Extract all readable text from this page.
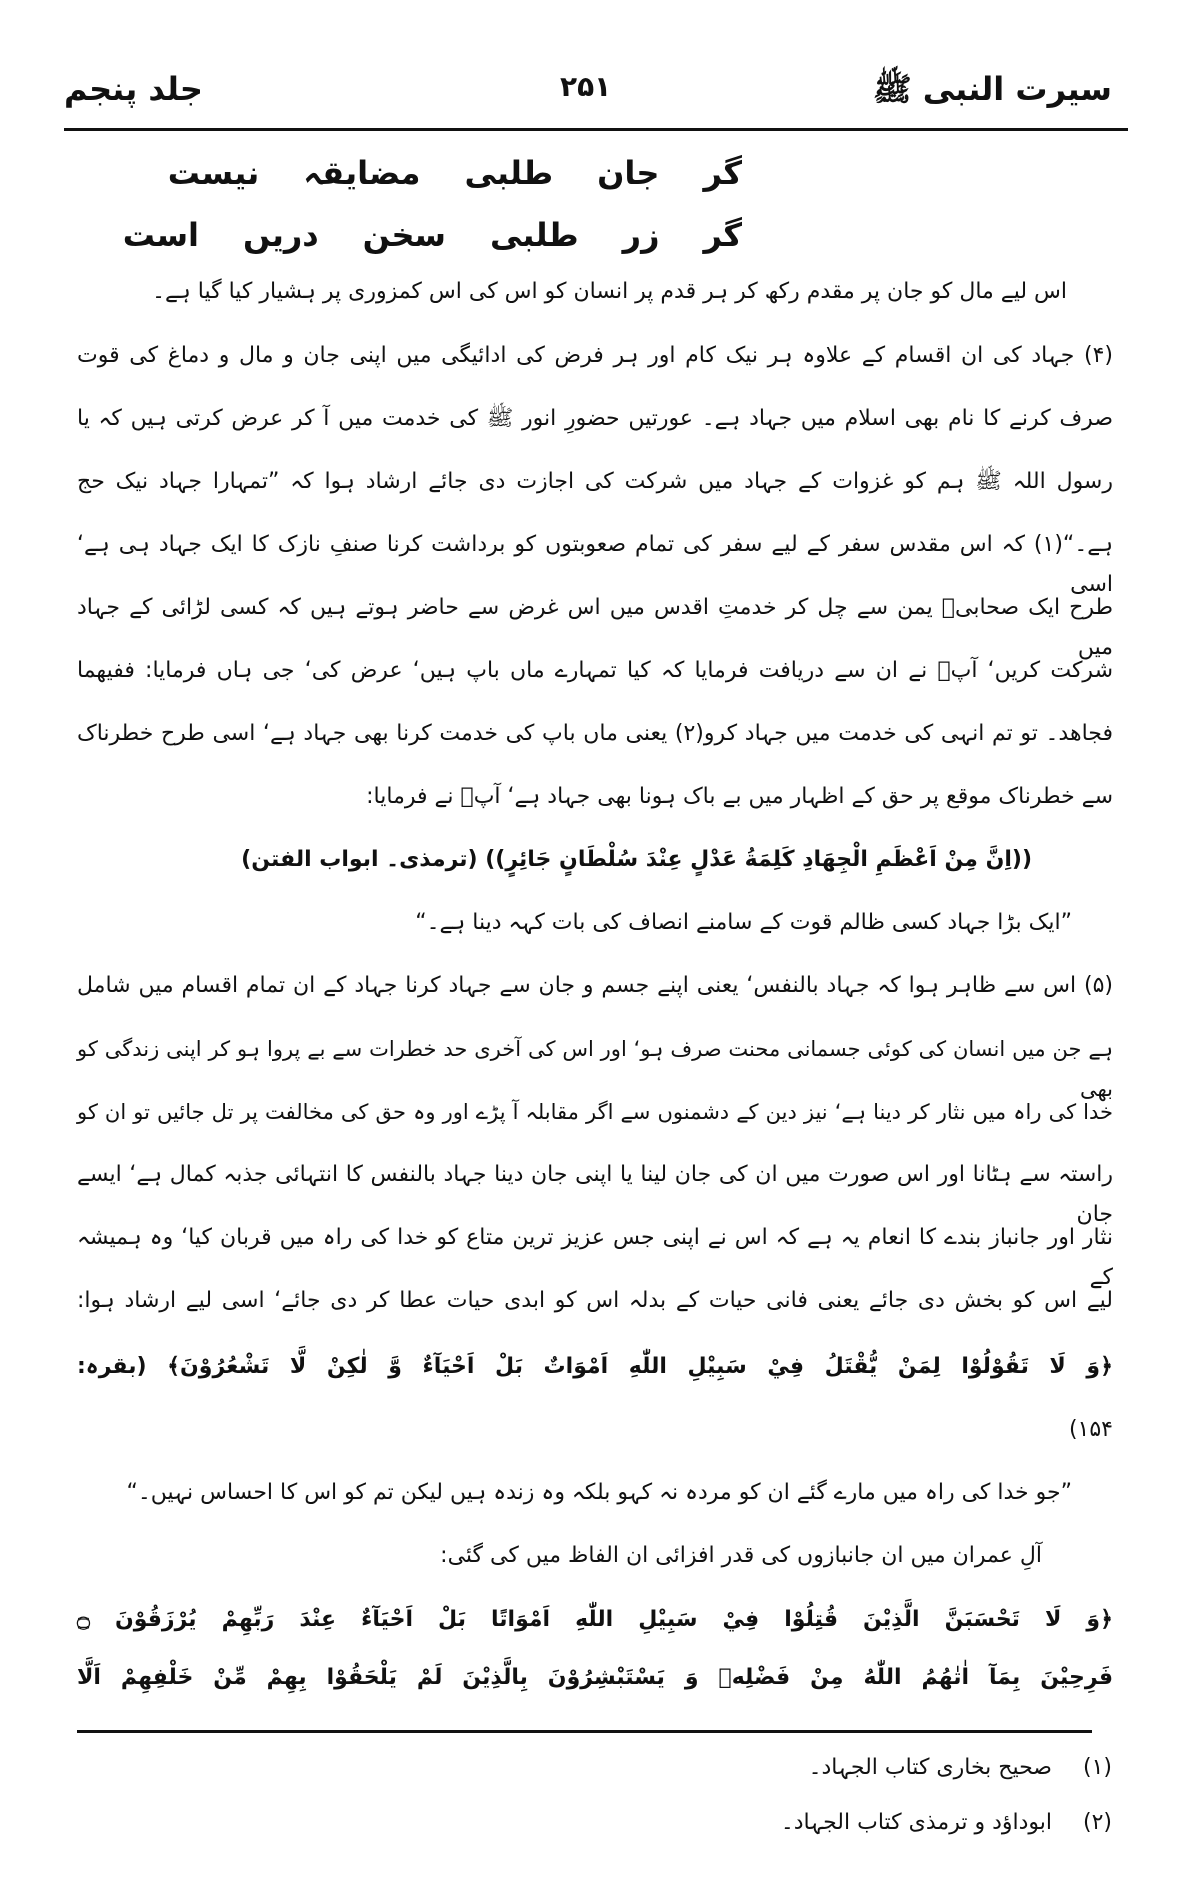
سیرت النبی ﷺ
۲۵۱
جلد پنجم
گرجانطلبیمضایقہنیست
گرزرطلبیسخندریںاست
اس لیے مال کو جان پر مقدم رکھ کر ہر قدم پر انسان کو اس کی اس کمزوری پر ہشیار کیا گیا ہے۔
(۴) جہاد کی ان اقسام کے علاوہ ہر نیک کام اور ہر فرض کی ادائیگی میں اپنی جان و مال و دماغ کی قوت
صرف کرنے کا نام بھی اسلام میں جہاد ہے۔ عورتیں حضورِ انور ﷺ کی خدمت میں آ کر عرض کرتی ہیں کہ یا
رسول اللہ ﷺ ہم کو غزوات کے جہاد میں شرکت کی اجازت دی جائے ارشاد ہوا کہ ”تمہارا جہاد نیک حج
ہے۔“(۱) کہ اس مقدس سفر کے لیے سفر کی تمام صعوبتوں کو برداشت کرنا صنفِ نازک کا ایک جہاد ہی ہے‘ اسی
طرح ایک صحابیؓ یمن سے چل کر خدمتِ اقدس میں اس غرض سے حاضر ہوتے ہیں کہ کسی لڑائی کے جہاد میں
شرکت کریں‘ آپؐ نے ان سے دریافت فرمایا کہ کیا تمہارے ماں باپ ہیں‘ عرض کی‘ جی ہاں فرمایا: ففیھما
فجاھد۔ تو تم انہی کی خدمت میں جہاد کرو(۲) یعنی ماں باپ کی خدمت کرنا بھی جہاد ہے‘ اسی طرح خطرناک
سے خطرناک موقع پر حق کے اظہار میں بے باک ہونا بھی جہاد ہے‘ آپؐ نے فرمایا:
((اِنَّ مِنْ اَعْظَمِ الْجِهَادِ كَلِمَةُ عَدْلٍ عِنْدَ سُلْطَانٍ جَائِرٍ)) (ترمذی۔ ابواب الفتن)
”ایک بڑا جہاد کسی ظالم قوت کے سامنے انصاف کی بات کہہ دینا ہے۔“
(۵) اس سے ظاہر ہوا کہ جہاد بالنفس‘ یعنی اپنے جسم و جان سے جہاد کرنا جہاد کے ان تمام اقسام میں شامل
ہے جن میں انسان کی کوئی جسمانی محنت صرف ہو‘ اور اس کی آخری حد خطرات سے بے پروا ہو کر اپنی زندگی کو بھی
خدا کی راہ میں نثار کر دینا ہے‘ نیز دین کے دشمنوں سے اگر مقابلہ آ پڑے اور وہ حق کی مخالفت پر تل جائیں تو ان کو
راستہ سے ہٹانا اور اس صورت میں ان کی جان لینا یا اپنی جان دینا جہاد بالنفس کا انتہائی جذبہ کمال ہے‘ ایسے جان
نثار اور جانباز بندے کا انعام یہ ہے کہ اس نے اپنی جس عزیز ترین متاع کو خدا کی راہ میں قربان کیا‘ وہ ہمیشہ کے
لیے اس کو بخش دی جائے یعنی فانی حیات کے بدلہ اس کو ابدی حیات عطا کر دی جائے‘ اسی لیے ارشاد ہوا:
﴿وَ لَا تَقُوْلُوْا لِمَنْ يُّقْتَلُ فِيْ سَبِيْلِ اللّٰهِ اَمْوَاتٌ بَلْ اَحْيَآءٌ وَّ لٰكِنْ لَّا تَشْعُرُوْنَ﴾ (بقرہ:
۱۵۴)
”جو خدا کی راہ میں مارے گئے ان کو مردہ نہ کہو بلکہ وہ زندہ ہیں لیکن تم کو اس کا احساس نہیں۔“
آلِ عمران میں ان جانبازوں کی قدر افزائی ان الفاظ میں کی گئی:
﴿وَ لَا تَحْسَبَنَّ الَّذِيْنَ قُتِلُوْا فِيْ سَبِيْلِ اللّٰهِ اَمْوَاتًا بَلْ اَحْيَآءٌ عِنْدَ رَبِّهِمْ يُرْزَقُوْنَ ۝
فَرِحِيْنَ بِمَآ اٰتٰهُمُ اللّٰهُ مِنْ فَضْلِهٖ وَ يَسْتَبْشِرُوْنَ بِالَّذِيْنَ لَمْ يَلْحَقُوْا بِهِمْ مِّنْ خَلْفِهِمْ اَلَّا
(۱)صحیح بخاری کتاب الجہاد۔
(۲)ابوداؤد و ترمذی کتاب الجہاد۔
